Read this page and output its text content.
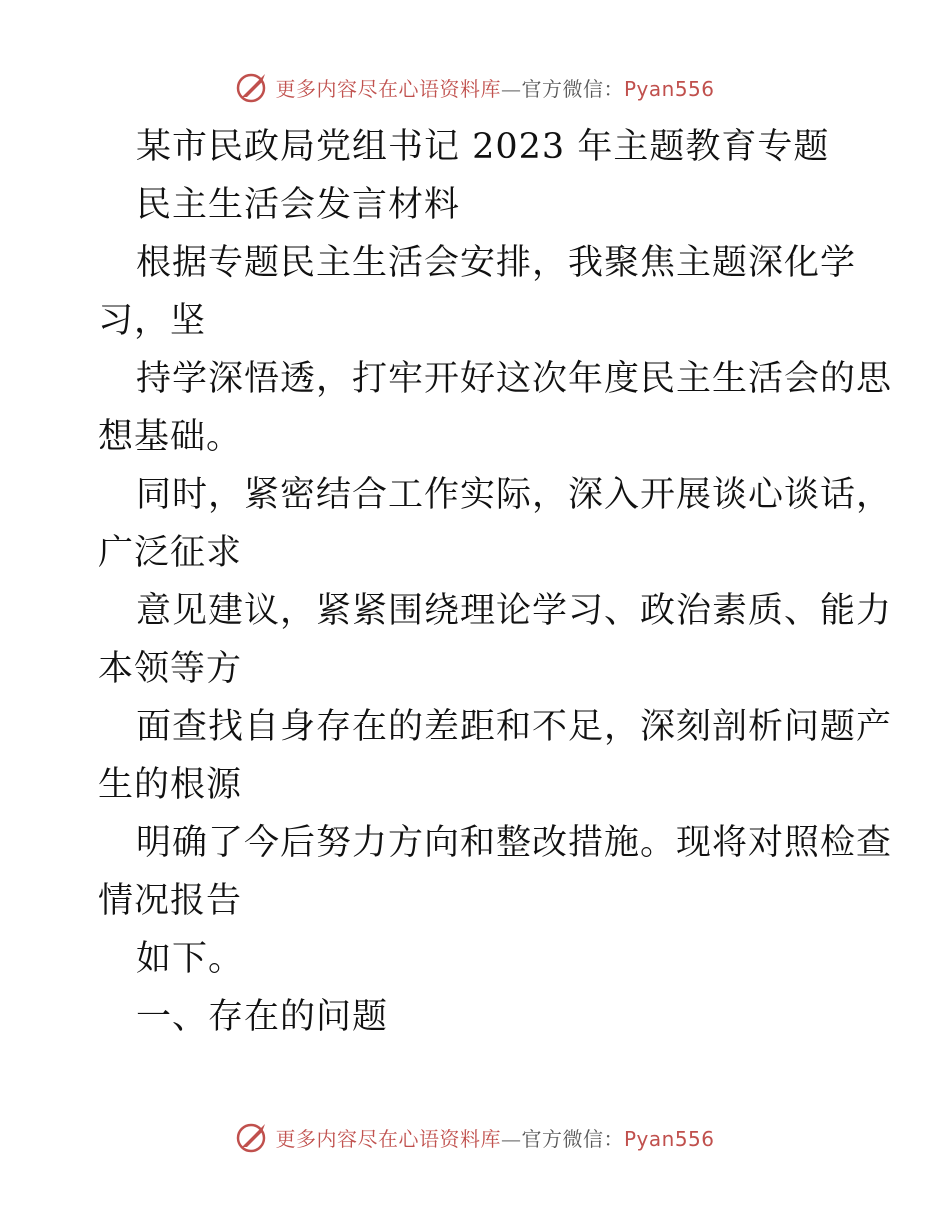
更多内容尽在心语资料库—官方微信：Pyan556
某市民政局党组书记 2023 年主题教育专题
民主生活会发言材料
根据专题民主生活会安排，我聚焦主题深化学
习，坚
持学深悟透，打牢开好这次年度民主生活会的思
想基础。
同时，紧密结合工作实际，深入开展谈心谈话，
广泛征求
意见建议，紧紧围绕理论学习、政治素质、能力
本领等方
面查找自身存在的差距和不足，深刻剖析问题产
生的根源
明确了今后努力方向和整改措施。现将对照检查
情况报告
如下。
一、存在的问题
更多内容尽在心语资料库—官方微信：Pyan556
